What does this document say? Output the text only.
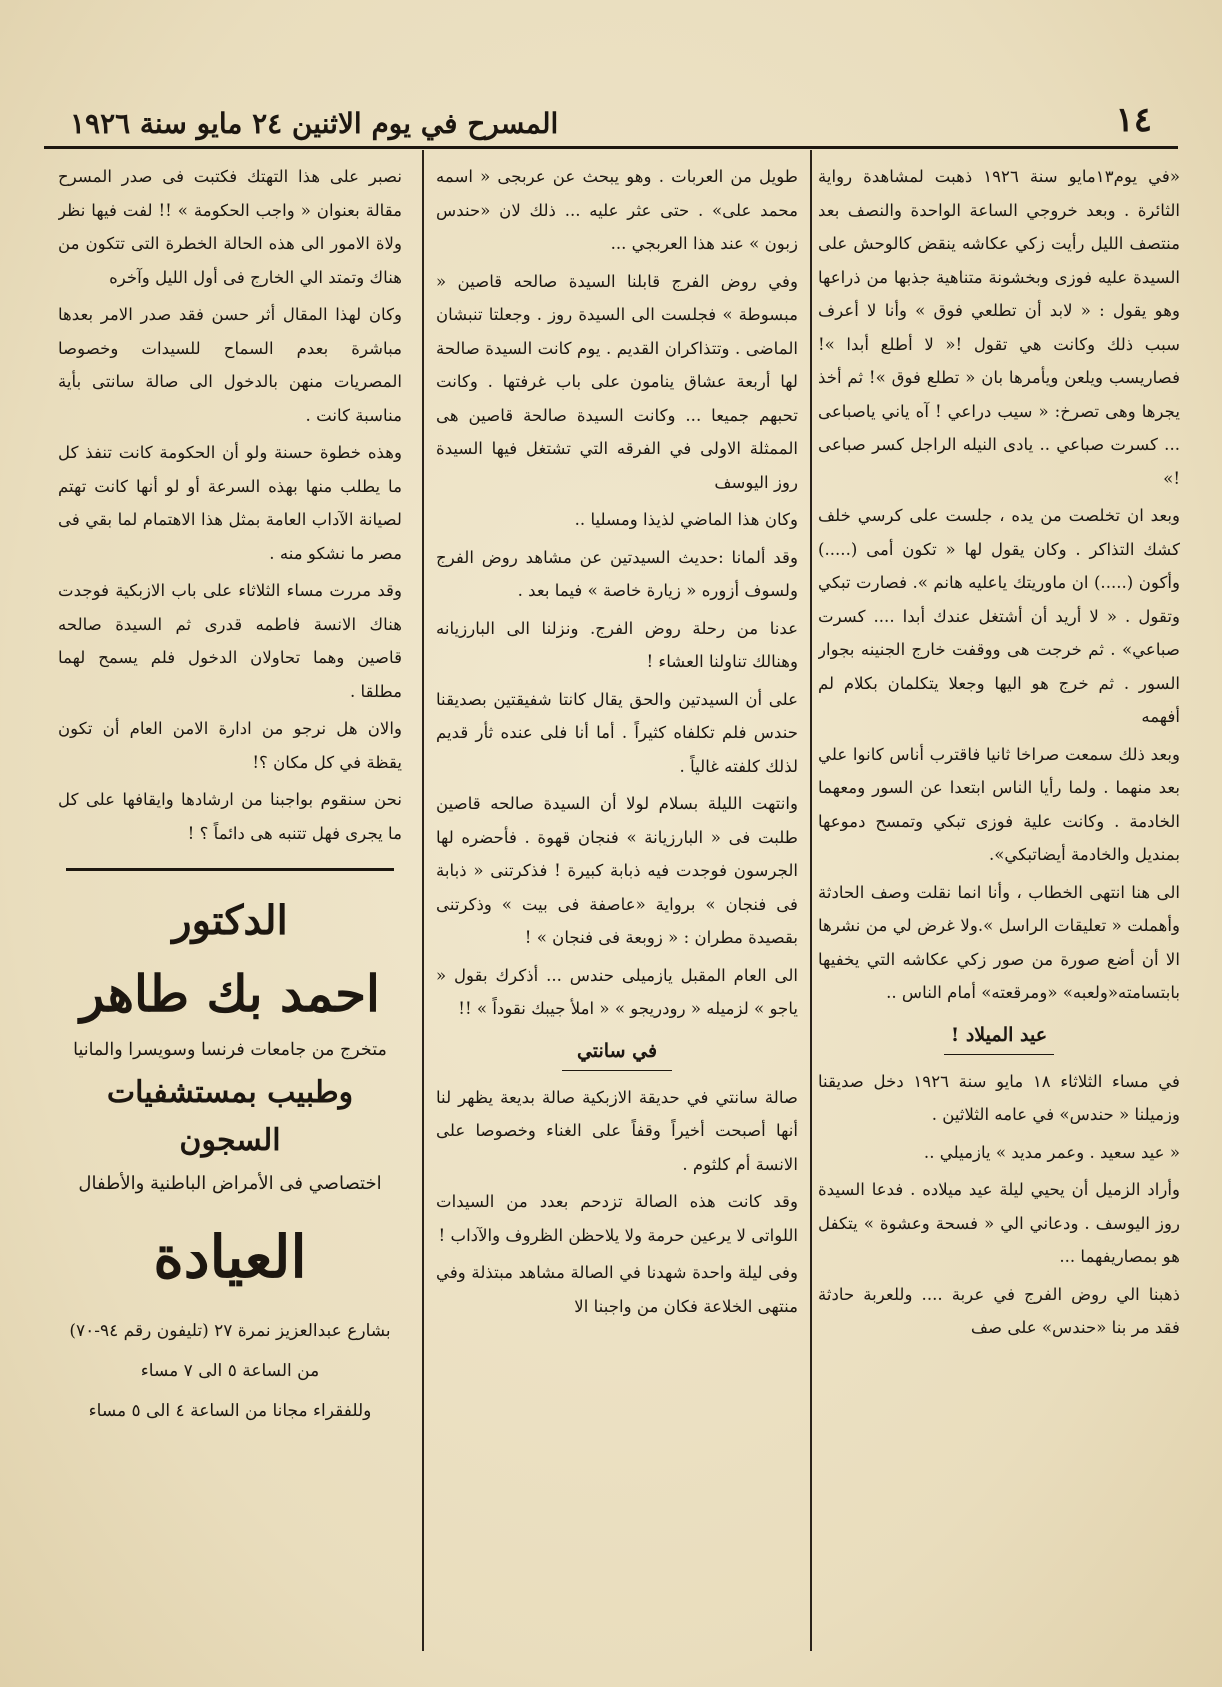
١٤
المسرح في يوم الاثنين ٢٤ مايو سنة ١٩٢٦

«في يوم١٣مايو سنة ١٩٢٦ ذهبت لمشاهدة رواية الثائرة . وبعد خروجي الساعة الواحدة والنصف بعد منتصف الليل رأيت زكي عكاشه ينقض كالوحش على السيدة عليه فوزى وبخشونة متناهية جذبها من ذراعها وهو يقول : « لابد أن تطلعي فوق » وأنا لا أعرف سبب ذلك وكانت هي تقول !« لا أطلع أبدا »! فصاريسب ويلعن ويأمرها بان « تطلع فوق »! ثم أخذ يجرها وهى تصرخ: « سيب دراعي ! آه ياني ياصباعى ... كسرت صباعي .. يادى النيله الراجل كسر صباعى !»

وبعد ان تخلصت من يده ، جلست على كرسي خلف كشك التذاكر . وكان يقول لها « تكون أمى (.....) وأكون (.....) ان ماوريتك ياعليه هانم ». فصارت تبكي وتقول . « لا أريد أن أشتغل عندك أبدا .... كسرت صباعي» . ثم خرجت هى ووقفت خارج الجنينه بجوار السور . ثم خرج هو اليها وجعلا يتكلمان بكلام لم أفهمه

وبعد ذلك سمعت صراخا ثانيا فاقترب أناس كانوا علي بعد منهما . ولما رأيا الناس ابتعدا عن السور ومعهما الخادمة . وكانت علية فوزى تبكي وتمسح دموعها بمنديل والخادمة أيضاتبكي».

الى هنا انتهى الخطاب ، وأنا انما نقلت وصف الحادثة وأهملت « تعليقات الراسل ».ولا غرض لي من نشرها الا أن أضع صورة من صور زكي عكاشه التي يخفيها بابتسامته«ولعبه» «ومرقعته» أمام الناس ..

عيد الميلاد !

في مساء الثلاثاء ١٨ مايو سنة ١٩٢٦ دخل صديقنا وزميلنا « حندس» في عامه الثلاثين .

« عيد سعيد . وعمر مديد » يازميلي ..

وأراد الزميل أن يحيي ليلة عيد ميلاده . فدعا السيدة روز اليوسف . ودعاني الي « فسحة وعشوة » يتكفل هو بمصاريفهما ...

ذهبنا الي روض الفرج في عربة .... وللعربة حادثة فقد مر بنا «حندس» على صف

طويل من العربات . وهو يبحث عن عربجى « اسمه محمد على» . حتى عثر عليه ... ذلك لان «حندس زبون » عند هذا العربجي ...

وفي روض الفرج قابلنا السيدة صالحه قاصين « مبسوطة » فجلست الى السيدة روز . وجعلتا تنبشان الماضى . وتتذاكران القديم . يوم كانت السيدة صالحة لها أربعة عشاق ينامون على باب غرفتها . وكانت تحبهم جميعا ... وكانت السيدة صالحة قاصين هى الممثلة الاولى في الفرقه التي تشتغل فيها السيدة روز اليوسف

وكان هذا الماضي لذيذا ومسليا ..

وقد ألمانا :حديث السيدتين عن مشاهد روض الفرج ولسوف أزوره « زيارة خاصة » فيما بعد .

عدنا من رحلة روض الفرج. ونزلنا الى البارزيانه وهنالك تناولنا العشاء !

على أن السيدتين والحق يقال كانتا شفيقتين بصديقنا حندس فلم تكلفاه كثيراً . أما أنا فلى عنده ثأر قديم لذلك كلفته غالياً .

وانتهت الليلة بسلام لولا أن السيدة صالحه قاصين طلبت فى « البارزيانة » فنجان قهوة . فأحضره لها الجرسون فوجدت فيه ذبابة كبيرة ! فذكرتنى « ذبابة فى فنجان » برواية «عاصفة فى بيت » وذكرتنى بقصيدة مطران : « زوبعة فى فنجان » !

الى العام المقبل يازميلى حندس ... أذكرك بقول « ياجو » لزميله « رودريجو » « املأ جيبك نقوداً » !!

في سانتي

صالة سانتي في حديقة الازبكية صالة بديعة يظهر لنا أنها أصبحت أخيراً وقفاً على الغناء وخصوصا على الانسة أم كلثوم .

وقد كانت هذه الصالة تزدحم بعدد من السيدات اللواتى لا يرعين حرمة ولا يلاحظن الظروف والآداب !

وفى ليلة واحدة شهدنا في الصالة مشاهد مبتذلة وفي منتهى الخلاعة فكان من واجبنا الا

نصبر على هذا التهتك فكتبت فى صدر المسرح مقالة بعنوان « واجب الحكومة » !! لفت فيها نظر ولاة الامور الى هذه الحالة الخطرة التى تتكون من هناك وتمتد الي الخارج فى أول الليل وآخره

وكان لهذا المقال أثر حسن فقد صدر الامر بعدها مباشرة بعدم السماح للسيدات وخصوصا المصريات منهن بالدخول الى صالة سانتى بأية مناسبة كانت .

وهذه خطوة حسنة ولو أن الحكومة كانت تنفذ كل ما يطلب منها بهذه السرعة أو لو أنها كانت تهتم لصيانة الآداب العامة بمثل هذا الاهتمام لما بقي فى مصر ما نشكو منه .

وقد مررت مساء الثلاثاء على باب الازبكية فوجدت هناك الانسة فاطمه قدرى ثم السيدة صالحه قاصين وهما تحاولان الدخول فلم يسمح لهما مطلقا .

والان هل نرجو من ادارة الامن العام أن تكون يقظة في كل مكان ؟!

نحن سنقوم بواجبنا من ارشادها وايقافها على كل ما يجرى فهل تتنبه هى دائماً ؟ !

الدكتور
احمد بك طاهر
متخرج من جامعات فرنسا وسويسرا والمانيا
وطبيب بمستشفيات السجون
اختصاصي فى الأمراض الباطنية والأطفال
العيادة
بشارع عبدالعزيز نمرة ٢٧ (تليفون رقم ٩٤-٧٠)
من الساعة ٥ الى ٧ مساء
وللفقراء مجانا من الساعة ٤ الى ٥ مساء
